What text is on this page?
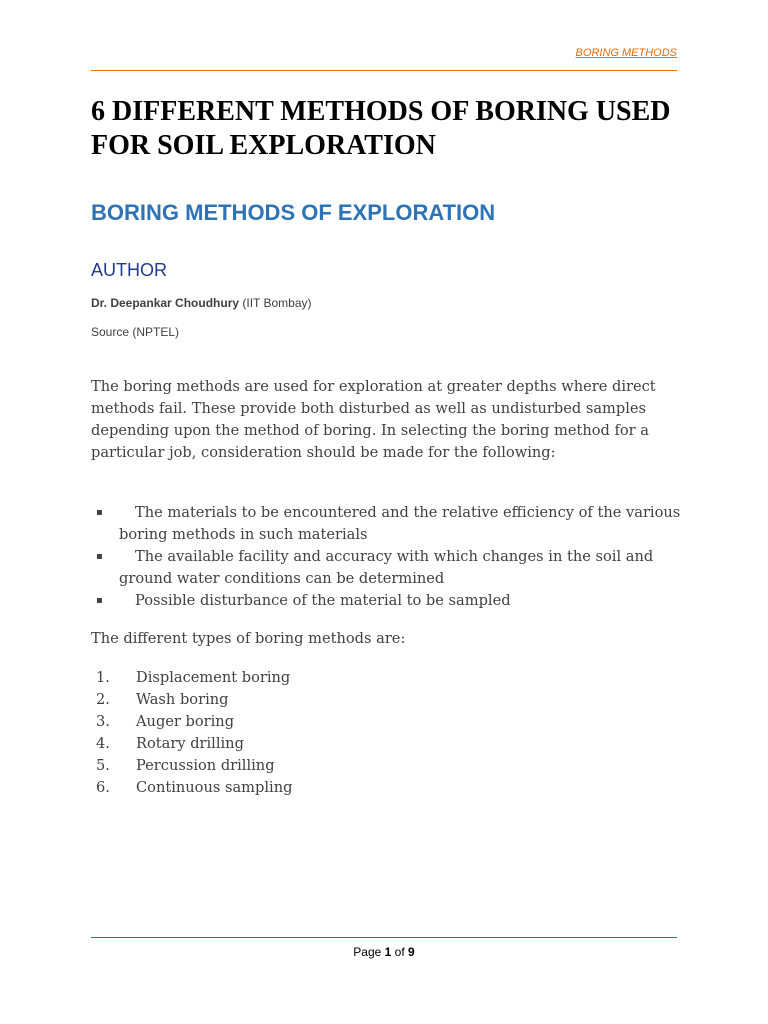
BORING METHODS
6 DIFFERENT METHODS OF BORING USED FOR SOIL EXPLORATION
BORING METHODS OF EXPLORATION
AUTHOR
Dr. Deepankar Choudhury (IIT Bombay)
Source (NPTEL)

The boring methods are used for exploration at greater depths where direct methods fail. These provide both disturbed as well as undisturbed samples depending upon the method of boring. In selecting the boring method for a particular job, consideration should be made for the following:

▪ The materials to be encountered and the relative efficiency of the various boring methods in such materials
▪ The available facility and accuracy with which changes in the soil and ground water conditions can be determined
▪ Possible disturbance of the material to be sampled

The different types of boring methods are:

1. Displacement boring
2. Wash boring
3. Auger boring
4. Rotary drilling
5. Percussion drilling
6. Continuous sampling
Page 1 of 9
